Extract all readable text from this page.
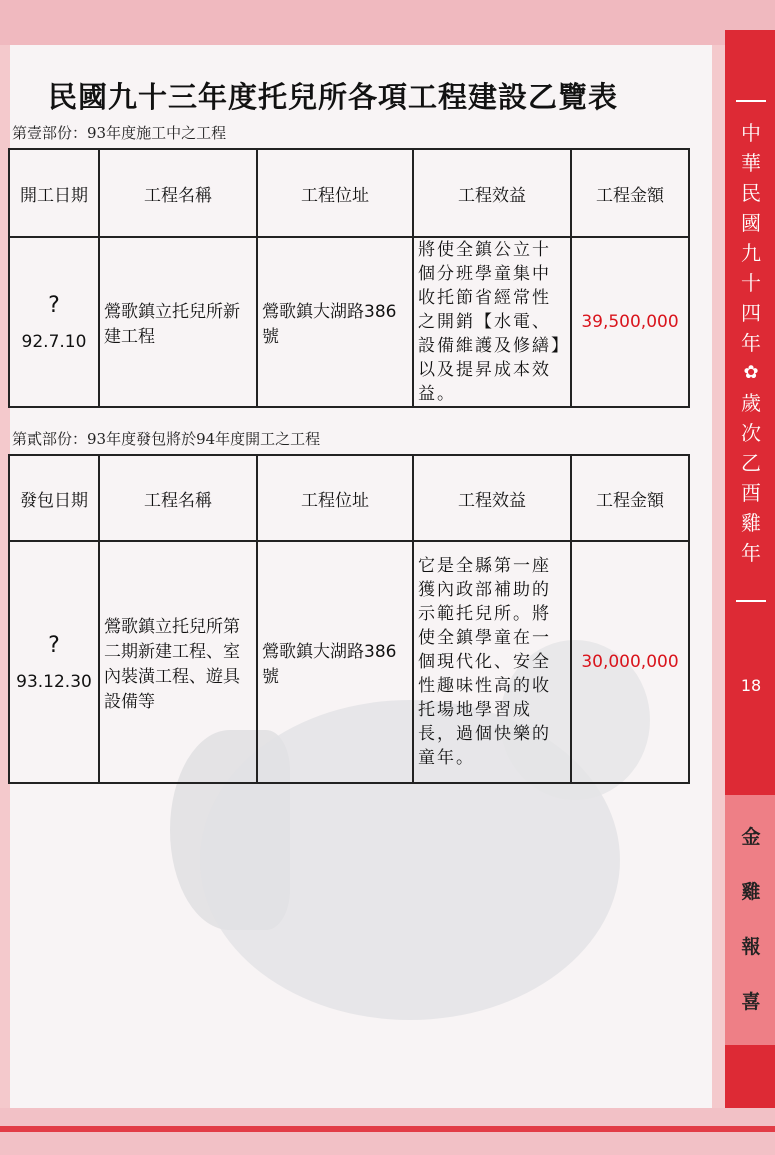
民國九十三年度托兒所各項工程建設乙覽表
第壹部份：93年度施工中之工程
開工日期	工程名稱	工程位址	工程效益	工程金額

?
92.7.10	鶯歌鎮立托兒所新建工程	鶯歌鎮大湖路386號	將使全鎮公立十個分班學童集中收托節省經常性之開銷【水電、設備維護及修繕】以及提昇成本效益。	39,500,000
第貳部份：93年度發包將於94年度開工之工程
發包日期	工程名稱	工程位址	工程效益	工程金額

?
93.12.30	鶯歌鎮立托兒所第二期新建工程、室內裝潢工程、遊具設備等	鶯歌鎮大湖路386號	它是全縣第一座獲內政部補助的示範托兒所。將使全鎮學童在一個現代化、安全性趣味性高的收托場地學習成長，過個快樂的童年。	30,000,000
中華民國九十四年
✿
歲次乙酉雞年
18
金雞報喜
